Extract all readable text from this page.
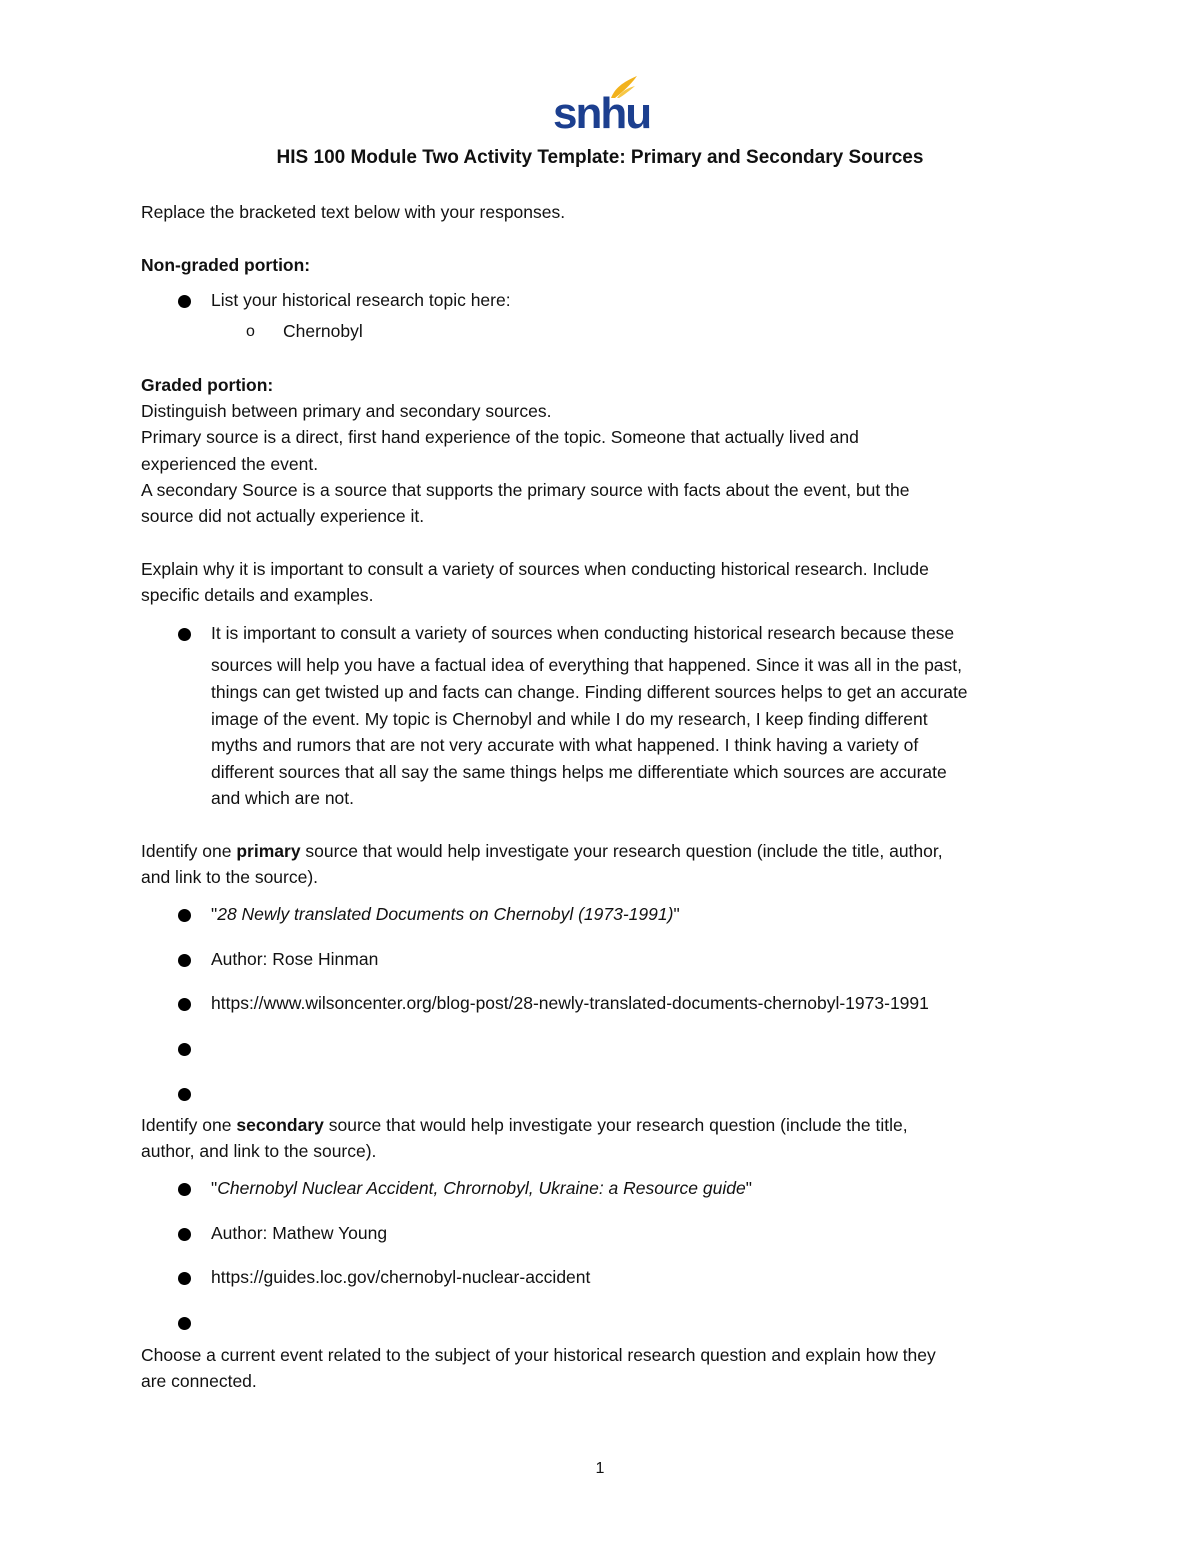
snhu
HIS 100 Module Two Activity Template: Primary and Secondary Sources
Replace the bracketed text below with your responses.
Non-graded portion:
List your historical research topic here:
o Chernobyl
Graded portion:
Distinguish between primary and secondary sources.
Primary source is a direct, first hand experience of the topic. Someone that actually lived and
experienced the event.
A secondary Source is a source that supports the primary source with facts about the event, but the
source did not actually experience it.
Explain why it is important to consult a variety of sources when conducting historical research. Include
specific details and examples.
It is important to consult a variety of sources when conducting historical research because these
sources will help you have a factual idea of everything that happened. Since it was all in the past,
things can get twisted up and facts can change. Finding different sources helps to get an accurate
image of the event. My topic is Chernobyl and while I do my research, I keep finding different
myths and rumors that are not very accurate with what happened. I think having a variety of
different sources that all say the same things helps me differentiate which sources are accurate
and which are not.
Identify one primary source that would help investigate your research question (include the title, author,
and link to the source).
"28 Newly translated Documents on Chernobyl (1973-1991)"
Author: Rose Hinman
https://www.wilsoncenter.org/blog-post/28-newly-translated-documents-chernobyl-1973-1991
Identify one secondary source that would help investigate your research question (include the title,
author, and link to the source).
"Chernobyl Nuclear Accident, Chrornobyl, Ukraine: a Resource guide"
Author: Mathew Young
https://guides.loc.gov/chernobyl-nuclear-accident
Choose a current event related to the subject of your historical research question and explain how they
are connected.
1
